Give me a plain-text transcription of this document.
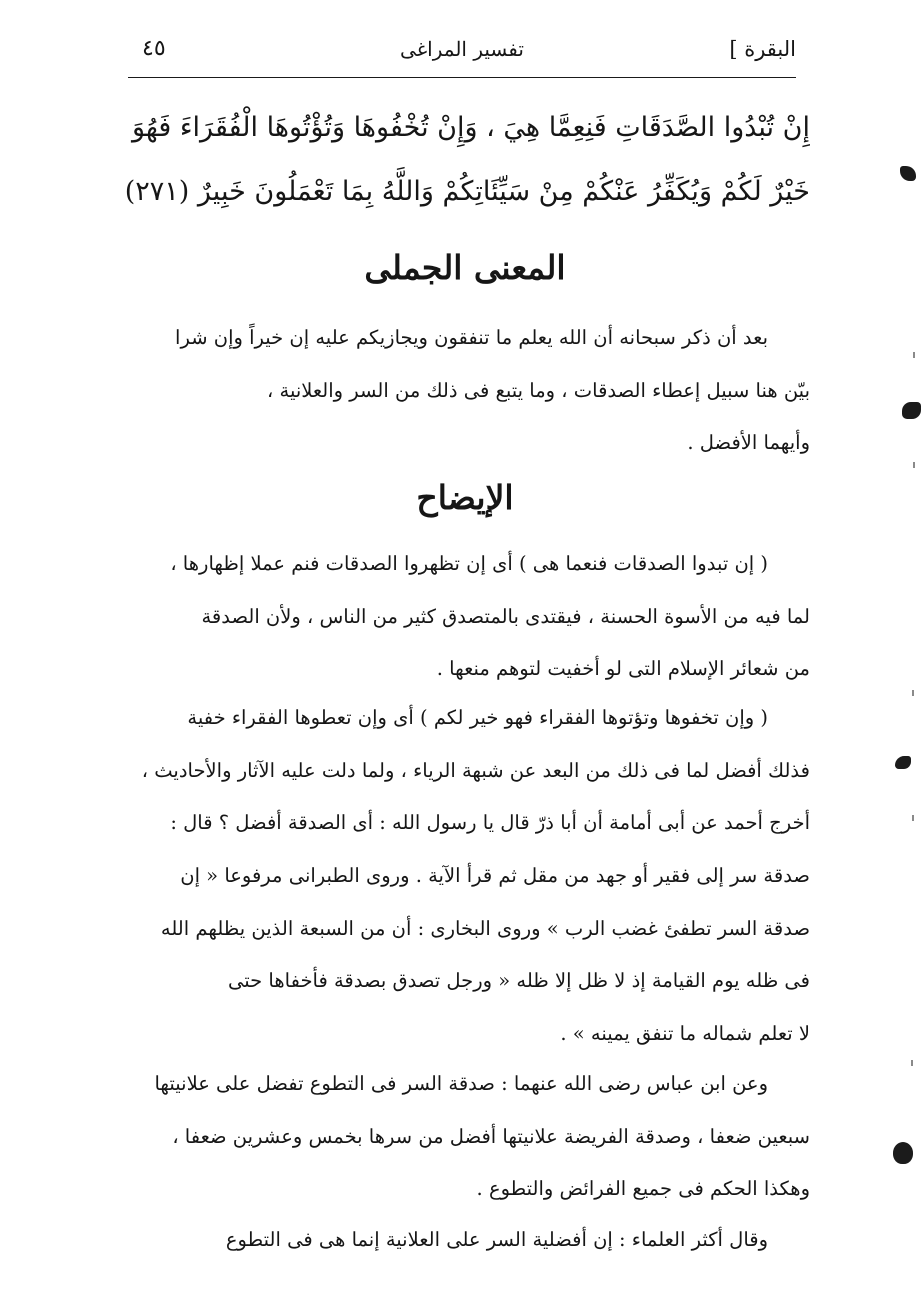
البقرة ]
تفسير المراغى
٤٥
إِنْ تُبْدُوا الصَّدَقَاتِ فَنِعِمَّا هِيَ ، وَإِنْ تُخْفُوهَا وَتُؤْتُوهَا الْفُقَرَاءَ فَهُوَ
خَيْرٌ لَكُمْ وَيُكَفِّرُ عَنْكُمْ مِنْ سَيِّئَاتِكُمْ وَاللَّهُ بِمَا تَعْمَلُونَ خَبِيرٌ (٢٧١)
المعنى الجملى
بعد أن ذكر سبحانه أن الله يعلم ما تنفقون ويجازيكم عليه إن خيراً وإن شرا
بيّن هنا سبيل إعطاء الصدقات ، وما يتبع فى ذلك من السر والعلانية ،
وأيهما الأفضل .
الإيضاح
( إن تبدوا الصدقات فنعما هى ) أى إن تظهروا الصدقات فنم عملا إظهارها ،
لما فيه من الأسوة الحسنة ، فيقتدى بالمتصدق كثير من الناس ، ولأن الصدقة
من شعائر الإسلام التى لو أخفيت لتوهم منعها .
( وإن تخفوها وتؤتوها الفقراء فهو خير لكم ) أى وإن تعطوها الفقراء خفية
فذلك أفضل لما فى ذلك من البعد عن شبهة الرياء ، ولما دلت عليه الآثار والأحاديث ،
أخرج أحمد عن أبى أمامة أن أبا ذرّ قال يا رسول الله : أى الصدقة أفضل ؟ قال :
صدقة سر إلى فقير أو جهد من مقل ثم قرأ الآية . وروى الطبرانى مرفوعا « إن
صدقة السر تطفئ غضب الرب » وروى البخارى : أن من السبعة الذين يظلهم الله
فى ظله يوم القيامة إذ لا ظل إلا ظله « ورجل تصدق بصدقة فأخفاها حتى
لا تعلم شماله ما تنفق يمينه » .
وعن ابن عباس رضى الله عنهما : صدقة السر فى التطوع تفضل على علانيتها
سبعين ضعفا ، وصدقة الفريضة علانيتها أفضل من سرها بخمس وعشرين ضعفا ،
وهكذا الحكم فى جميع الفرائض والتطوع .
وقال أكثر العلماء : إن أفضلية السر على العلانية إنما هى فى التطوع
